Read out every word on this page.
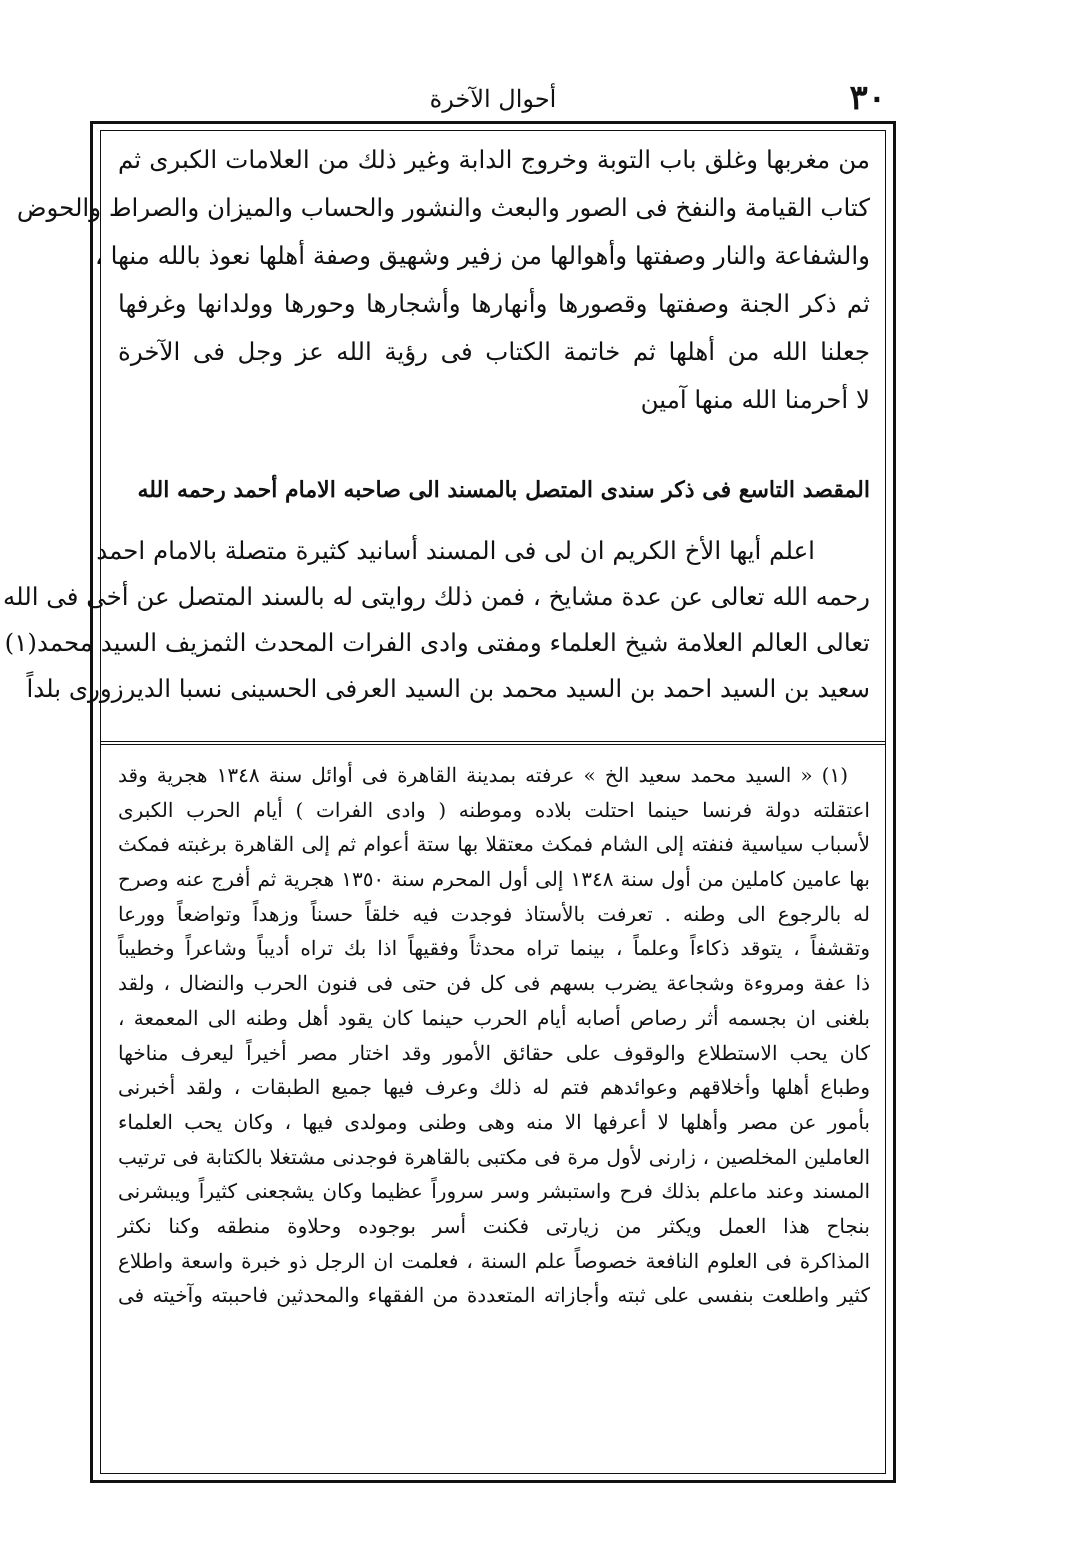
٣٠
أحوال الآخرة
من مغربها وغلق باب التوبة وخروج الدابة وغير ذلك من العلامات الكبرى ثم
كتاب القيامة والنفخ فى الصور والبعث والنشور والحساب والميزان والصراط والحوض
والشفاعة والنار وصفتها وأهوالها من زفير وشهيق وصفة أهلها نعوذ بالله منها ،
ثم ذكر الجنة وصفتها وقصورها وأنهارها وأشجارها وحورها وولدانها وغرفها
جعلنا الله من أهلها ثم خاتمة الكتاب فى رؤية الله عز وجل فى الآخرة
لا أحرمنا الله منها آمين
المقصد التاسع فى ذكر سندى المتصل بالمسند الى صاحبه الامام أحمد رحمه الله
اعلم أيها الأخ الكريم ان لى فى المسند أسانيد كثيرة متصلة بالامام احمد
رحمه الله تعالى عن عدة مشايخ ، فمن ذلك روايتى له بالسند المتصل عن أخى فى الله
تعالى العالم العلامة شيخ العلماء ومفتى وادى الفرات المحدث الثمزيف السيد محمد(١)
سعيد بن السيد احمد بن السيد محمد بن السيد العرفى الحسينى نسبا الديرزورى بلداً
(١) « السيد محمد سعيد الخ » عرفته بمدينة القاهرة فى أوائل سنة ١٣٤٨ هجرية وقد
اعتقلته دولة فرنسا حينما احتلت بلاده وموطنه ( وادى الفرات ) أيام الحرب الكبرى
لأسباب سياسية فنفته إلى الشام فمكث معتقلا بها ستة أعوام ثم إلى القاهرة برغبته فمكث
بها عامين كاملين من أول سنة ١٣٤٨ إلى أول المحرم سنة ١٣٥٠ هجرية ثم أفرج عنه وصرح
له بالرجوع الى وطنه . تعرفت بالأستاذ فوجدت فيه خلقاً حسناً وزهداً وتواضعاً وورعا
وتقشفاً ، يتوقد ذكاءاً وعلماً ، بينما تراه محدثاً وفقيهاً اذا بك تراه أديباً وشاعراً وخطيباً
ذا عفة ومروءة وشجاعة يضرب بسهم فى كل فن حتى فى فنون الحرب والنضال ، ولقد
بلغنى ان بجسمه أثر رصاص أصابه أيام الحرب حينما كان يقود أهل وطنه الى المعمعة ،
كان يحب الاستطلاع والوقوف على حقائق الأمور وقد اختار مصر أخيراً ليعرف مناخها
وطباع أهلها وأخلاقهم وعوائدهم فتم له ذلك وعرف فيها جميع الطبقات ، ولقد أخبرنى
بأمور عن مصر وأهلها لا أعرفها الا منه وهى وطنى ومولدى فيها ، وكان يحب العلماء
العاملين المخلصين ، زارنى لأول مرة فى مكتبى بالقاهرة فوجدنى مشتغلا بالكتابة فى ترتيب
المسند وعند ماعلم بذلك فرح واستبشر وسر سروراً عظيما وكان يشجعنى كثيراً ويبشرنى
بنجاح هذا العمل ويكثر من زيارتى فكنت أسر بوجوده وحلاوة منطقه وكنا نكثر
المذاكرة فى العلوم النافعة خصوصاً علم السنة ، فعلمت ان الرجل ذو خبرة واسعة واطلاع
كثير واطلعت بنفسى على ثبته وأجازاته المتعددة من الفقهاء والمحدثين فاحببته وآخيته فى
